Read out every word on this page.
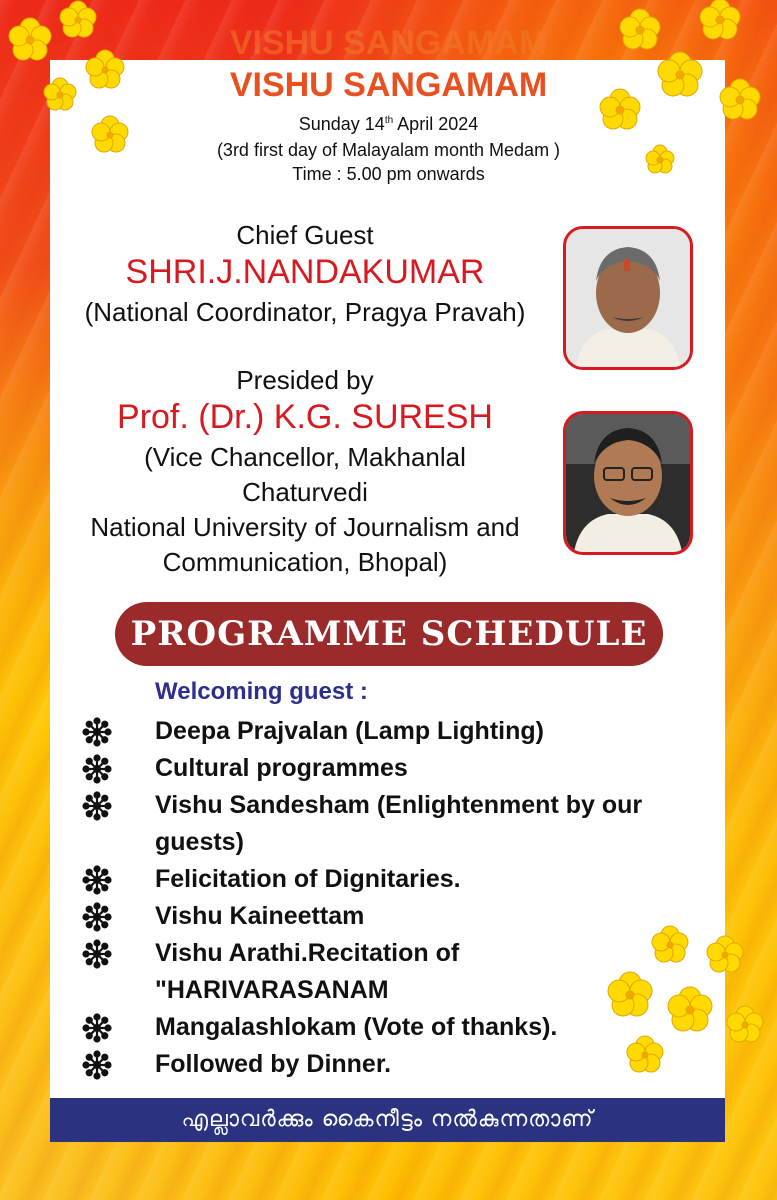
VISHU SANGAMAM
VISHU SANGAMAM
Sunday 14th April 2024
(3rd first day of Malayalam month Medam )
Time : 5.00 pm onwards
Chief Guest
SHRI.J.NANDAKUMAR
(National Coordinator, Pragya Pravah)
Presided by
Prof. (Dr.) K.G. SURESH
(Vice Chancellor, Makhanlal
Chaturvedi
National University of Journalism and
Communication, Bhopal)
PROGRAMME SCHEDULE
Welcoming guest :
Deepa Prajvalan (Lamp Lighting)
Cultural programmes
Vishu Sandesham (Enlightenment by our
guests)
Felicitation of Dignitaries.
Vishu Kaineettam
Vishu Arathi.Recitation of
"HARIVARASANAM
Mangalashlokam (Vote of thanks).
Followed by Dinner.
എല്ലാവർക്കും കൈനീട്ടം നൽകുന്നതാണ്
